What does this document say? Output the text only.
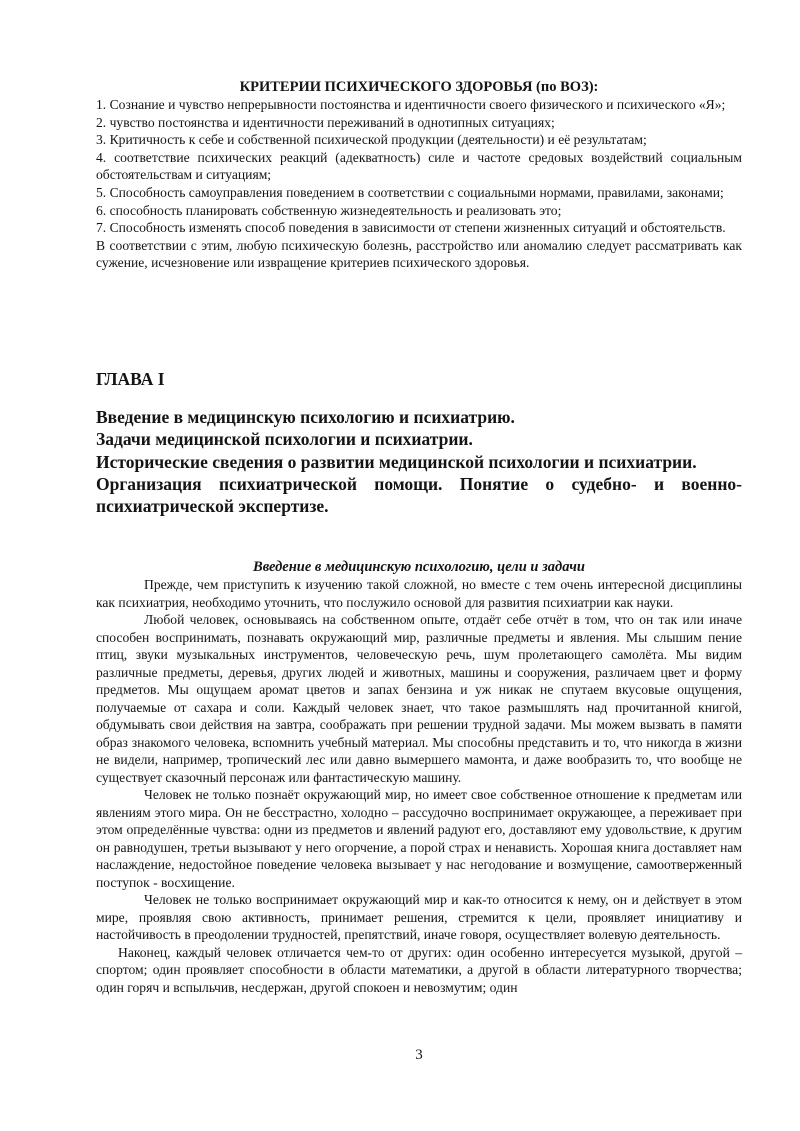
КРИТЕРИИ ПСИХИЧЕСКОГО ЗДОРОВЬЯ (по ВОЗ):

1. Сознание и чувство непрерывности постоянства и идентичности своего физического и психического «Я»;

2. чувство постоянства и идентичности переживаний в однотипных ситуациях;

3. Критичность к себе и собственной психической продукции (деятельности) и её результатам;

4. соответствие психических реакций (адекватность) силе и частоте средовых воздействий социальным обстоятельствам и ситуациям;

5. Способность самоуправления поведением в соответствии с социальными нормами, правилами, законами;

6. способность планировать собственную жизнедеятельность и реализовать это;

7. Способность изменять способ поведения в зависимости от степени жизненных ситуаций и обстоятельств.

В соответствии с этим, любую психическую болезнь, расстройство или аномалию следует рассматривать как сужение, исчезновение или извращение критериев психического здоровья.

ГЛАВА I

Введение в медицинскую психологию и психиатрию.

Задачи медицинской психологии и психиатрии.

Исторические сведения о развитии медицинской психологии и психиатрии.

Организация психиатрической помощи. Понятие о судебно- и военно-психиатрической экспертизе.

Введение в медицинскую психологию, цели и задачи

Прежде, чем приступить к изучению такой сложной, но вместе с тем очень интересной дисциплины как психиатрия, необходимо уточнить, что послужило основой для развития психиатрии как науки.

Любой человек, основываясь на собственном опыте, отдаёт себе отчёт в том, что он так или иначе способен воспринимать, познавать окружающий мир, различные предметы и явления. Мы слышим пение птиц, звуки музыкальных инструментов, человеческую речь, шум пролетающего самолёта. Мы видим различные предметы, деревья, других людей и животных, машины и сооружения, различаем цвет и форму предметов. Мы ощущаем аромат цветов и запах бензина и уж никак не спутаем вкусовые ощущения, получаемые от сахара и соли. Каждый человек знает, что такое размышлять над прочитанной книгой, обдумывать свои действия на завтра, соображать при решении трудной задачи. Мы можем вызвать в памяти образ знакомого человека, вспомнить учебный материал. Мы способны представить и то, что никогда в жизни не видели, например, тропический лес или давно вымершего мамонта, и даже вообразить то, что вообще не существует сказочный персонаж или фантастическую машину.

Человек не только познаёт окружающий мир, но имеет свое собственное отношение к предметам или явлениям этого мира. Он не бесстрастно, холодно – рассудочно воспринимает окружающее, а переживает при этом определённые чувства: одни из предметов и явлений радуют его, доставляют ему удовольствие, к другим он равнодушен, третьи вызывают у него огорчение, а порой страх и ненависть. Хорошая книга доставляет нам наслаждение, недостойное поведение человека вызывает у нас негодование и возмущение, самоотверженный поступок - восхищение.

Человек не только воспринимает окружающий мир и как-то относится к нему, он и действует в этом мире, проявляя свою активность, принимает решения, стремится к цели, проявляет инициативу и настойчивость в преодолении трудностей, препятствий, иначе говоря, осуществляет волевую деятельность.

Наконец, каждый человек отличается чем-то от других: один особенно интересуется музыкой, другой – спортом; один проявляет способности в области математики, а другой в области литературного творчества; один горяч и вспыльчив, несдержан, другой спокоен и невозмутим; один

3
